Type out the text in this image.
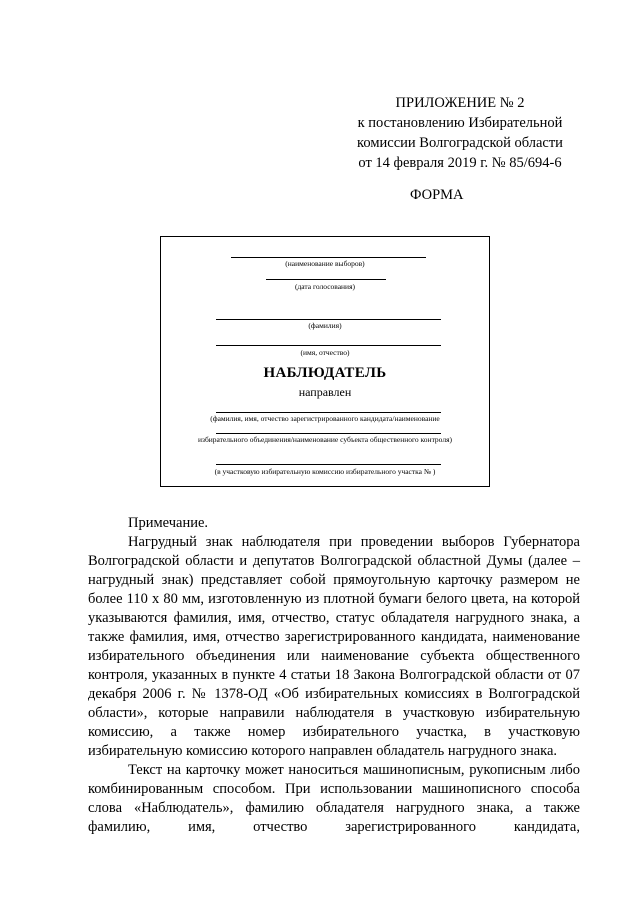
ПРИЛОЖЕНИЕ № 2
к постановлению Избирательной
комиссии Волгоградской области
от 14 февраля 2019 г. № 85/694-6
ФОРМА
(наименование выборов)
(дата голосования)
(фамилия)
(имя, отчество)
НАБЛЮДАТЕЛЬ
направлен
(фамилия, имя, отчество зарегистрированного кандидата/наименование
избирательного объединения/наименование субъекта общественного контроля)
(в участковую избирательную комиссию избирательного участка № )
Примечание.

Нагрудный знак наблюдателя при проведении выборов Губернатора Волгоградской области и депутатов Волгоградской областной Думы (далее – нагрудный знак) представляет собой прямоугольную карточку размером не более 110 х 80 мм, изготовленную из плотной бумаги белого цвета, на которой указываются фамилия, имя, отчество, статус обладателя нагрудного знака, а также фамилия, имя, отчество зарегистрированного кандидата, наименование избирательного объединения или наименование субъекта общественного контроля, указанных в пункте 4 статьи 18 Закона Волгоградской области от 07 декабря 2006 г. № 1378-ОД «Об избирательных комиссиях в Волгоградской области», которые направили наблюдателя в участковую избирательную комиссию, а также номер избирательного участка, в участковую избирательную комиссию которого направлен обладатель нагрудного знака.

Текст на карточку может наноситься машинописным, рукописным либо комбинированным способом. При использовании машинописного способа слова «Наблюдатель», фамилию обладателя нагрудного знака, а также фамилию, имя, отчество зарегистрированного кандидата,
